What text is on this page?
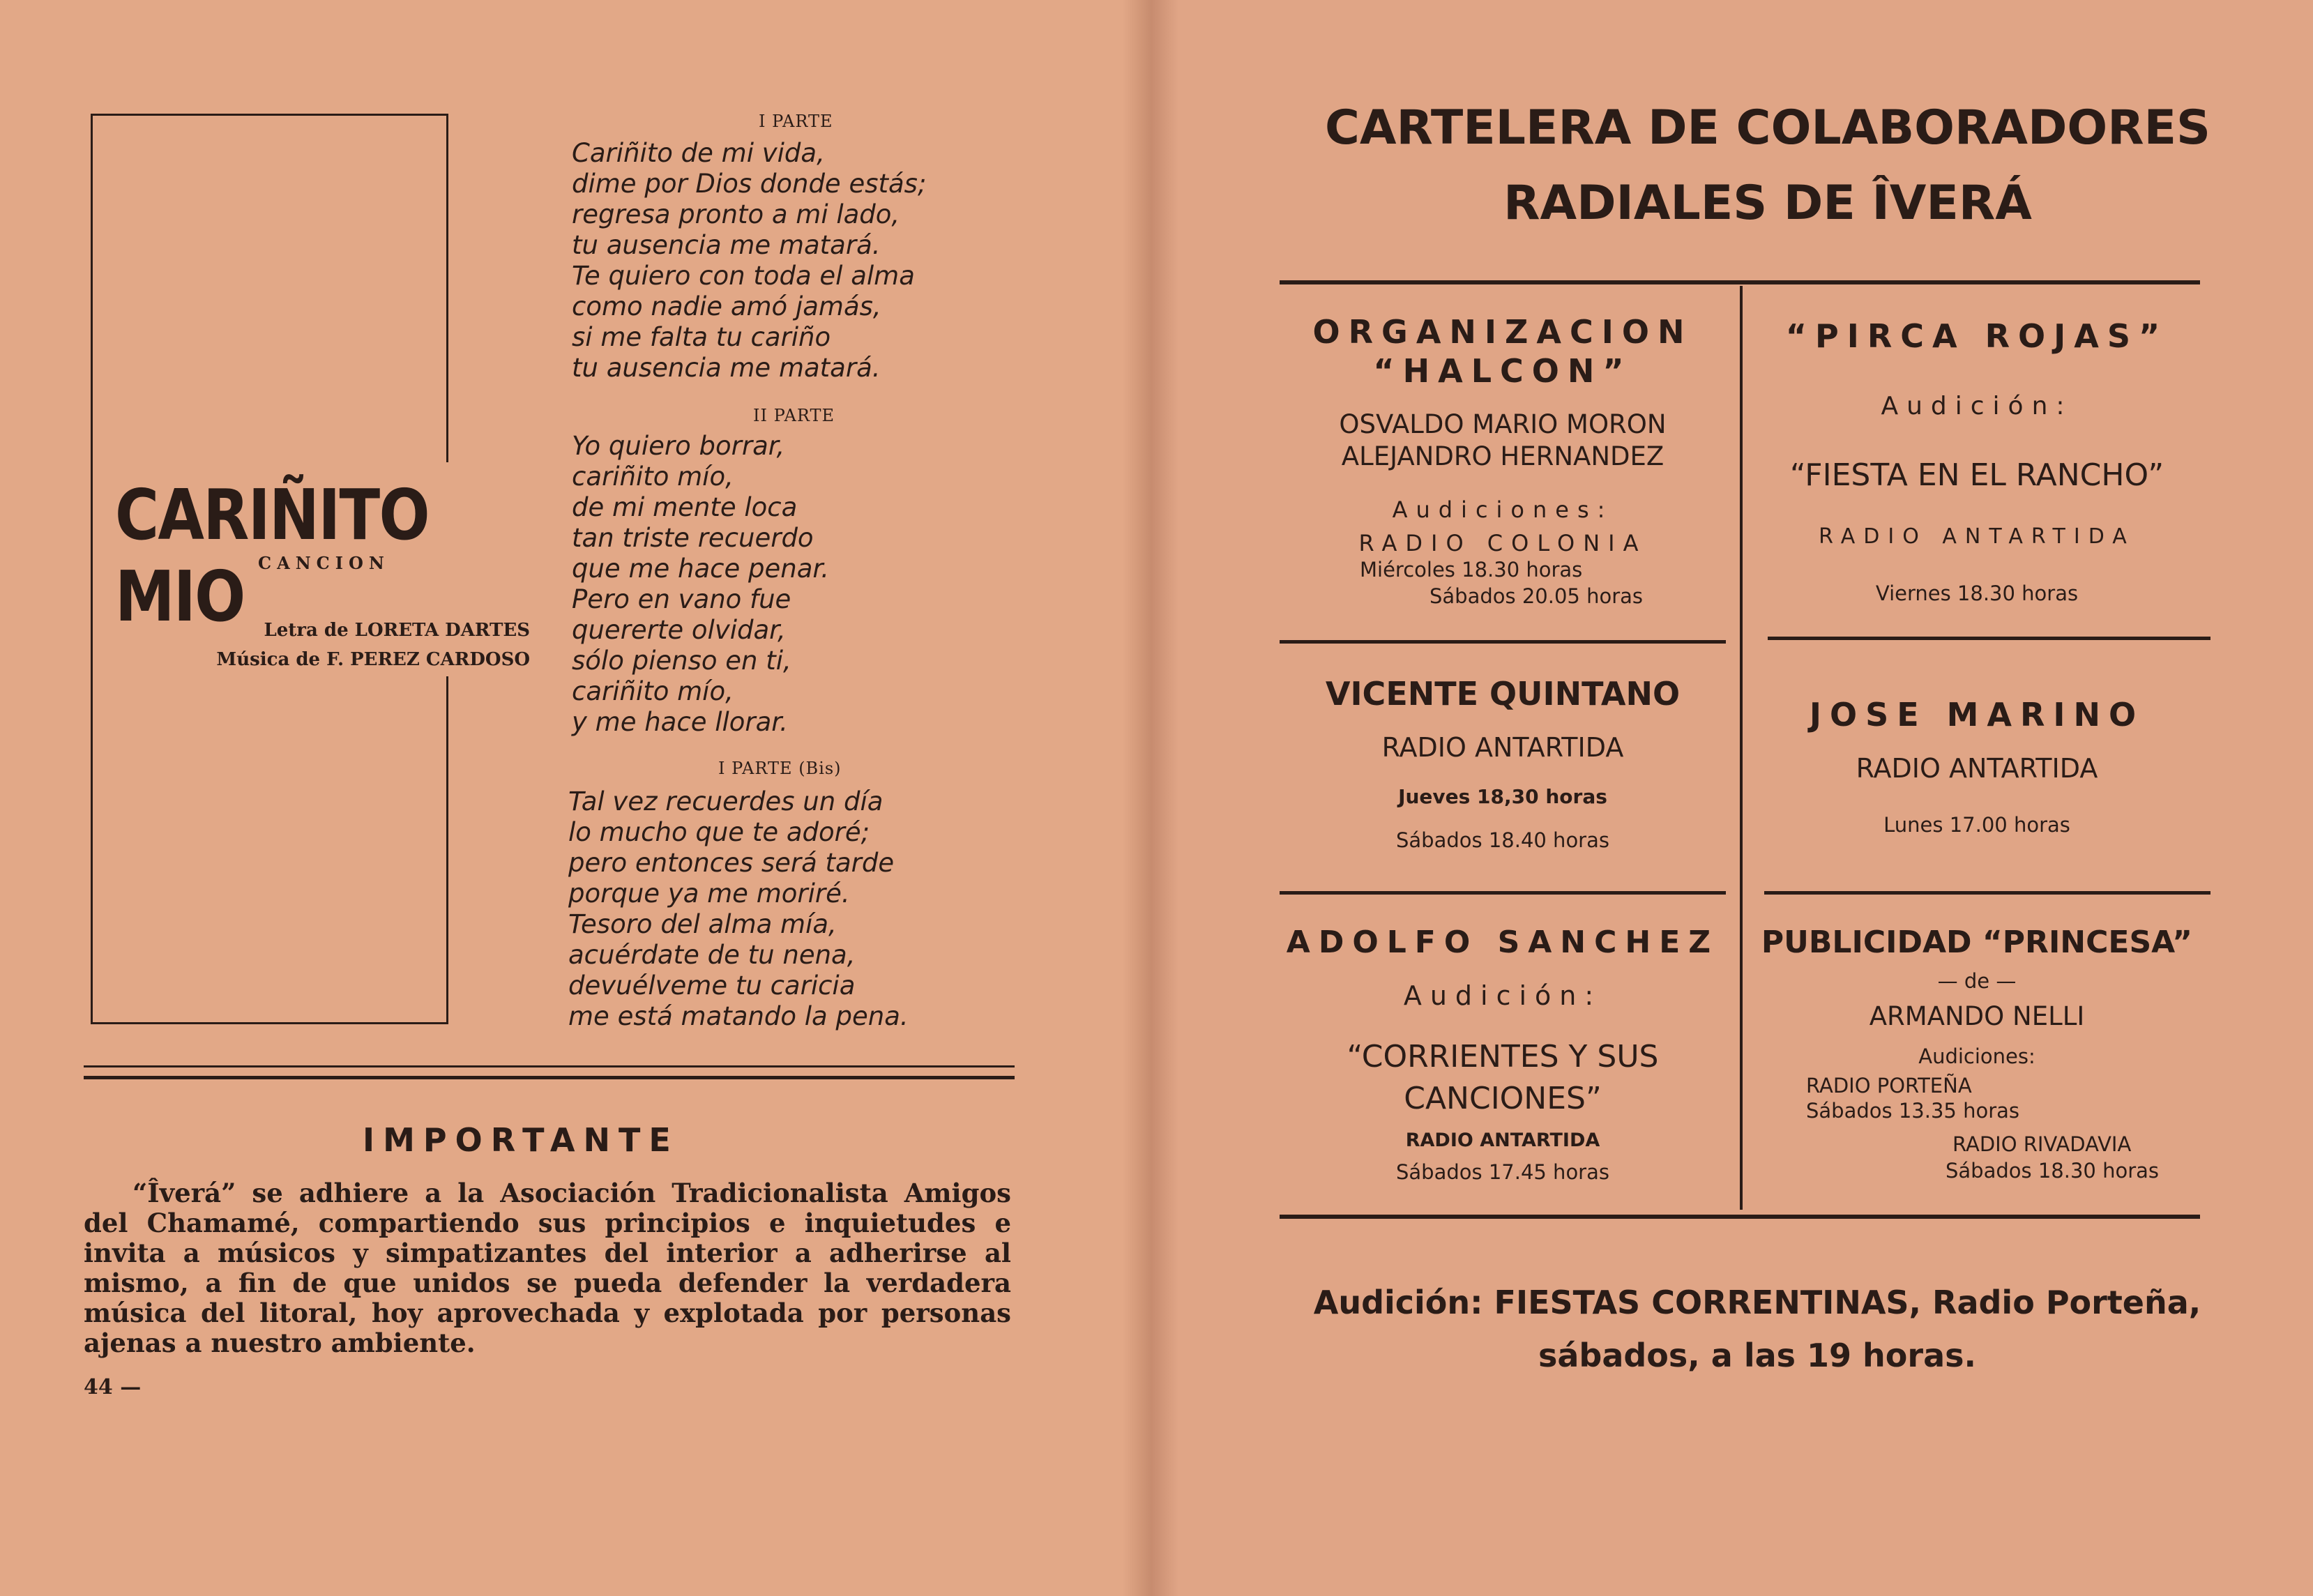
CARIÑITO MIO CANCION
Letra de LORETA DARTES
Música de F. PEREZ CARDOSO
I PARTE
Cariñito de mi vida,
dime por Dios donde estás;
regresa pronto a mi lado,
tu ausencia me matará.
Te quiero con toda el alma
como nadie amó jamás,
si me falta tu cariño
tu ausencia me matará.
II PARTE
Yo quiero borrar,
cariñito mío,
de mi mente loca
tan triste recuerdo
que me hace penar.
Pero en vano fue
quererte olvidar,
sólo pienso en ti,
cariñito mío,
y me hace llorar.
I PARTE (Bis)
Tal vez recuerdes un día
lo mucho que te adoré;
pero entonces será tarde
porque ya me moriré.
Tesoro del alma mía,
acuérdate de tu nena,
devuélveme tu caricia
me está matando la pena.
IMPORTANTE

“Îverá” se adhiere a la Asociación Tradicionalista Amigos del Chamamé, compartiendo sus principios e inquietudes e invita a músicos y simpatizantes del interior a adherirse al mismo, a fin de que unidos se pueda defender la verdadera música del litoral, hoy aprovechada y explotada por personas ajenas a nuestro ambiente.

44 —
CARTELERA DE COLABORADORES
RADIALES DE ÎVERÁ
ORGANIZACION
“HALCON”
OSVALDO MARIO MORON
ALEJANDRO HERNANDEZ
Audiciones:
RADIO COLONIA
Miércoles 18.30 horas
Sábados 20.05 horas
“PIRCA ROJAS”
Audición:
“FIESTA EN EL RANCHO”
RADIO ANTARTIDA
Viernes 18.30 horas
VICENTE QUINTANO
RADIO ANTARTIDA
Jueves 18,30 horas
Sábados 18.40 horas
JOSE MARINO
RADIO ANTARTIDA
Lunes 17.00 horas
ADOLFO SANCHEZ
Audición:
“CORRIENTES Y SUS
CANCIONES”
RADIO ANTARTIDA
Sábados 17.45 horas
PUBLICIDAD “PRINCESA”
— de —
ARMANDO NELLI
Audiciones:
RADIO PORTEÑA
Sábados 13.35 horas
RADIO RIVADAVIA
Sábados 18.30 horas
Audición: FIESTAS CORRENTINAS, Radio Porteña,
sábados, a las 19 horas.
